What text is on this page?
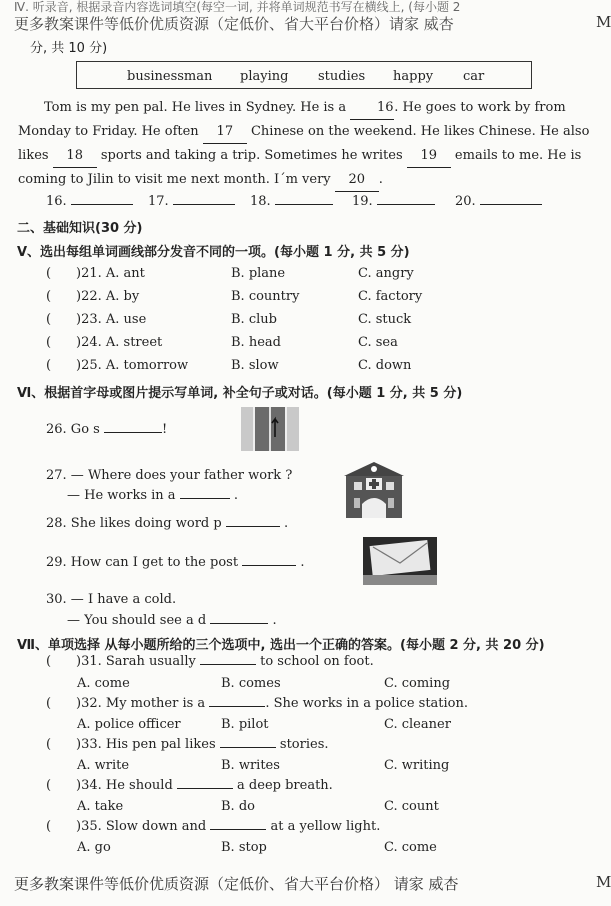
Ⅳ. 听录音, 根据录音内容选词填空(每空一词, 并将单词规范书写在横线上, (每小题 2
更多教案课件等低价优质资源（定低价、省大平台价格）请家 威杏	M
分, 共 10 分)
businessman playing studies happy car
Tom is my pen pal. He lives in Sydney. He is a 16. He goes to work by from
Monday to Friday. He often 17 Chinese on the weekend. He likes Chinese. He also
likes 18 sports and taking a trip. Sometimes he writes 19 emails to me. He is
coming to Jilin to visit me next month. I´m very 20 .
16.	17.	18.	19.	20.
二、基础知识(30 分)
Ⅴ、选出每组单词画线部分发音不同的一项。(每小题 1 分, 共 5 分)
( )21. A. ant	B. plane	C. angry
( )22. A. by	B. country	C. factory
( )23. A. use	B. club	C. stuck
( )24. A. street	B. head	C. sea
( )25. A. tomorrow	B. slow	C. down
Ⅵ、根据首字母或图片提示写单词, 补全句子或对话。(每小题 1 分, 共 5 分)
26. Go s	!
27. — Where does your father work ?
— He works in a	.
28. She likes doing word p	.
29. How can I get to the post	.
30. — I have a cold.
— You should see a d	.
Ⅶ、单项选择 从每小题所给的三个选项中, 选出一个正确的答案。(每小题 2 分, 共 20 分)
( )31. Sarah usually	to school on foot.
A. come	B. comes	C. coming
( )32. My mother is a	. She works in a police station.
A. police officer	B. pilot	C. cleaner
( )33. His pen pal likes	stories.
A. write	B. writes	C. writing
( )34. He should	a deep breath.
A. take	B. do	C. count
( )35. Slow down and	at a yellow light.
A. go	B. stop	C. come
更多教案课件等低价优质资源（定低价、省大平台价格） 请家 威杏	M
